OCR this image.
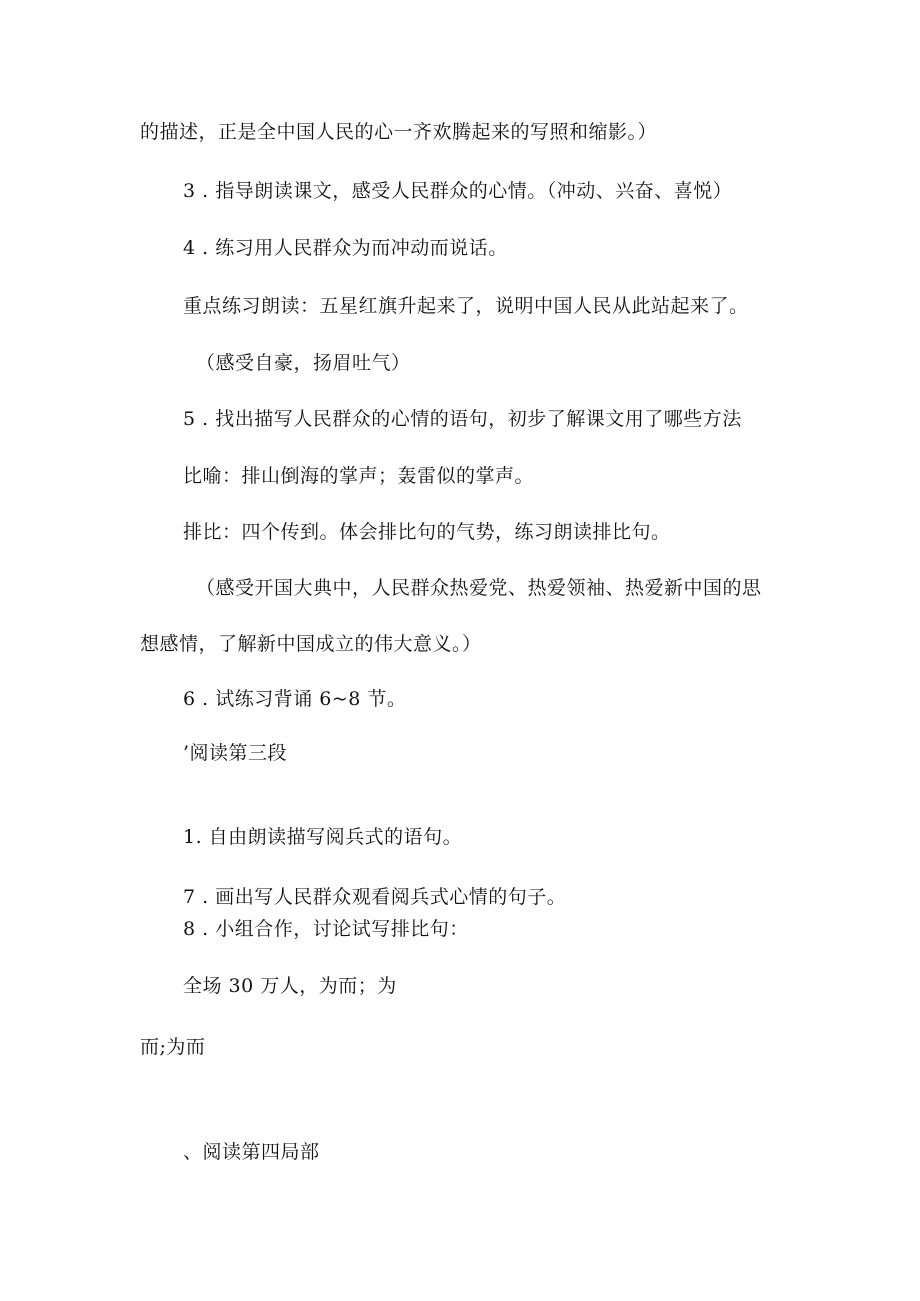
的描述，正是全中国人民的心一齐欢腾起来的写照和缩影。）
3 . 指导朗读课文，感受人民群众的心情。（冲动、兴奋、喜悦）
4 . 练习用人民群众为而冲动而说话。
重点练习朗读：五星红旗升起来了，说明中国人民从此站起来了。
（感受自豪，扬眉吐气）
5 . 找出描写人民群众的心情的语句，初步了解课文用了哪些方法
比喻：排山倒海的掌声；轰雷似的掌声。
排比：四个传到。体会排比句的气势，练习朗读排比句。
（感受开国大典中，人民群众热爱党、热爱领袖、热爱新中国的思
想感情，了解新中国成立的伟大意义。）
6 . 试练习背诵 6~8 节。
’阅读第三段
1. 自由朗读描写阅兵式的语句。
7 . 画出写人民群众观看阅兵式心情的句子。
8 . 小组合作，讨论试写排比句：
全场 30 万人，为而；为
而;为而
、阅读第四局部
